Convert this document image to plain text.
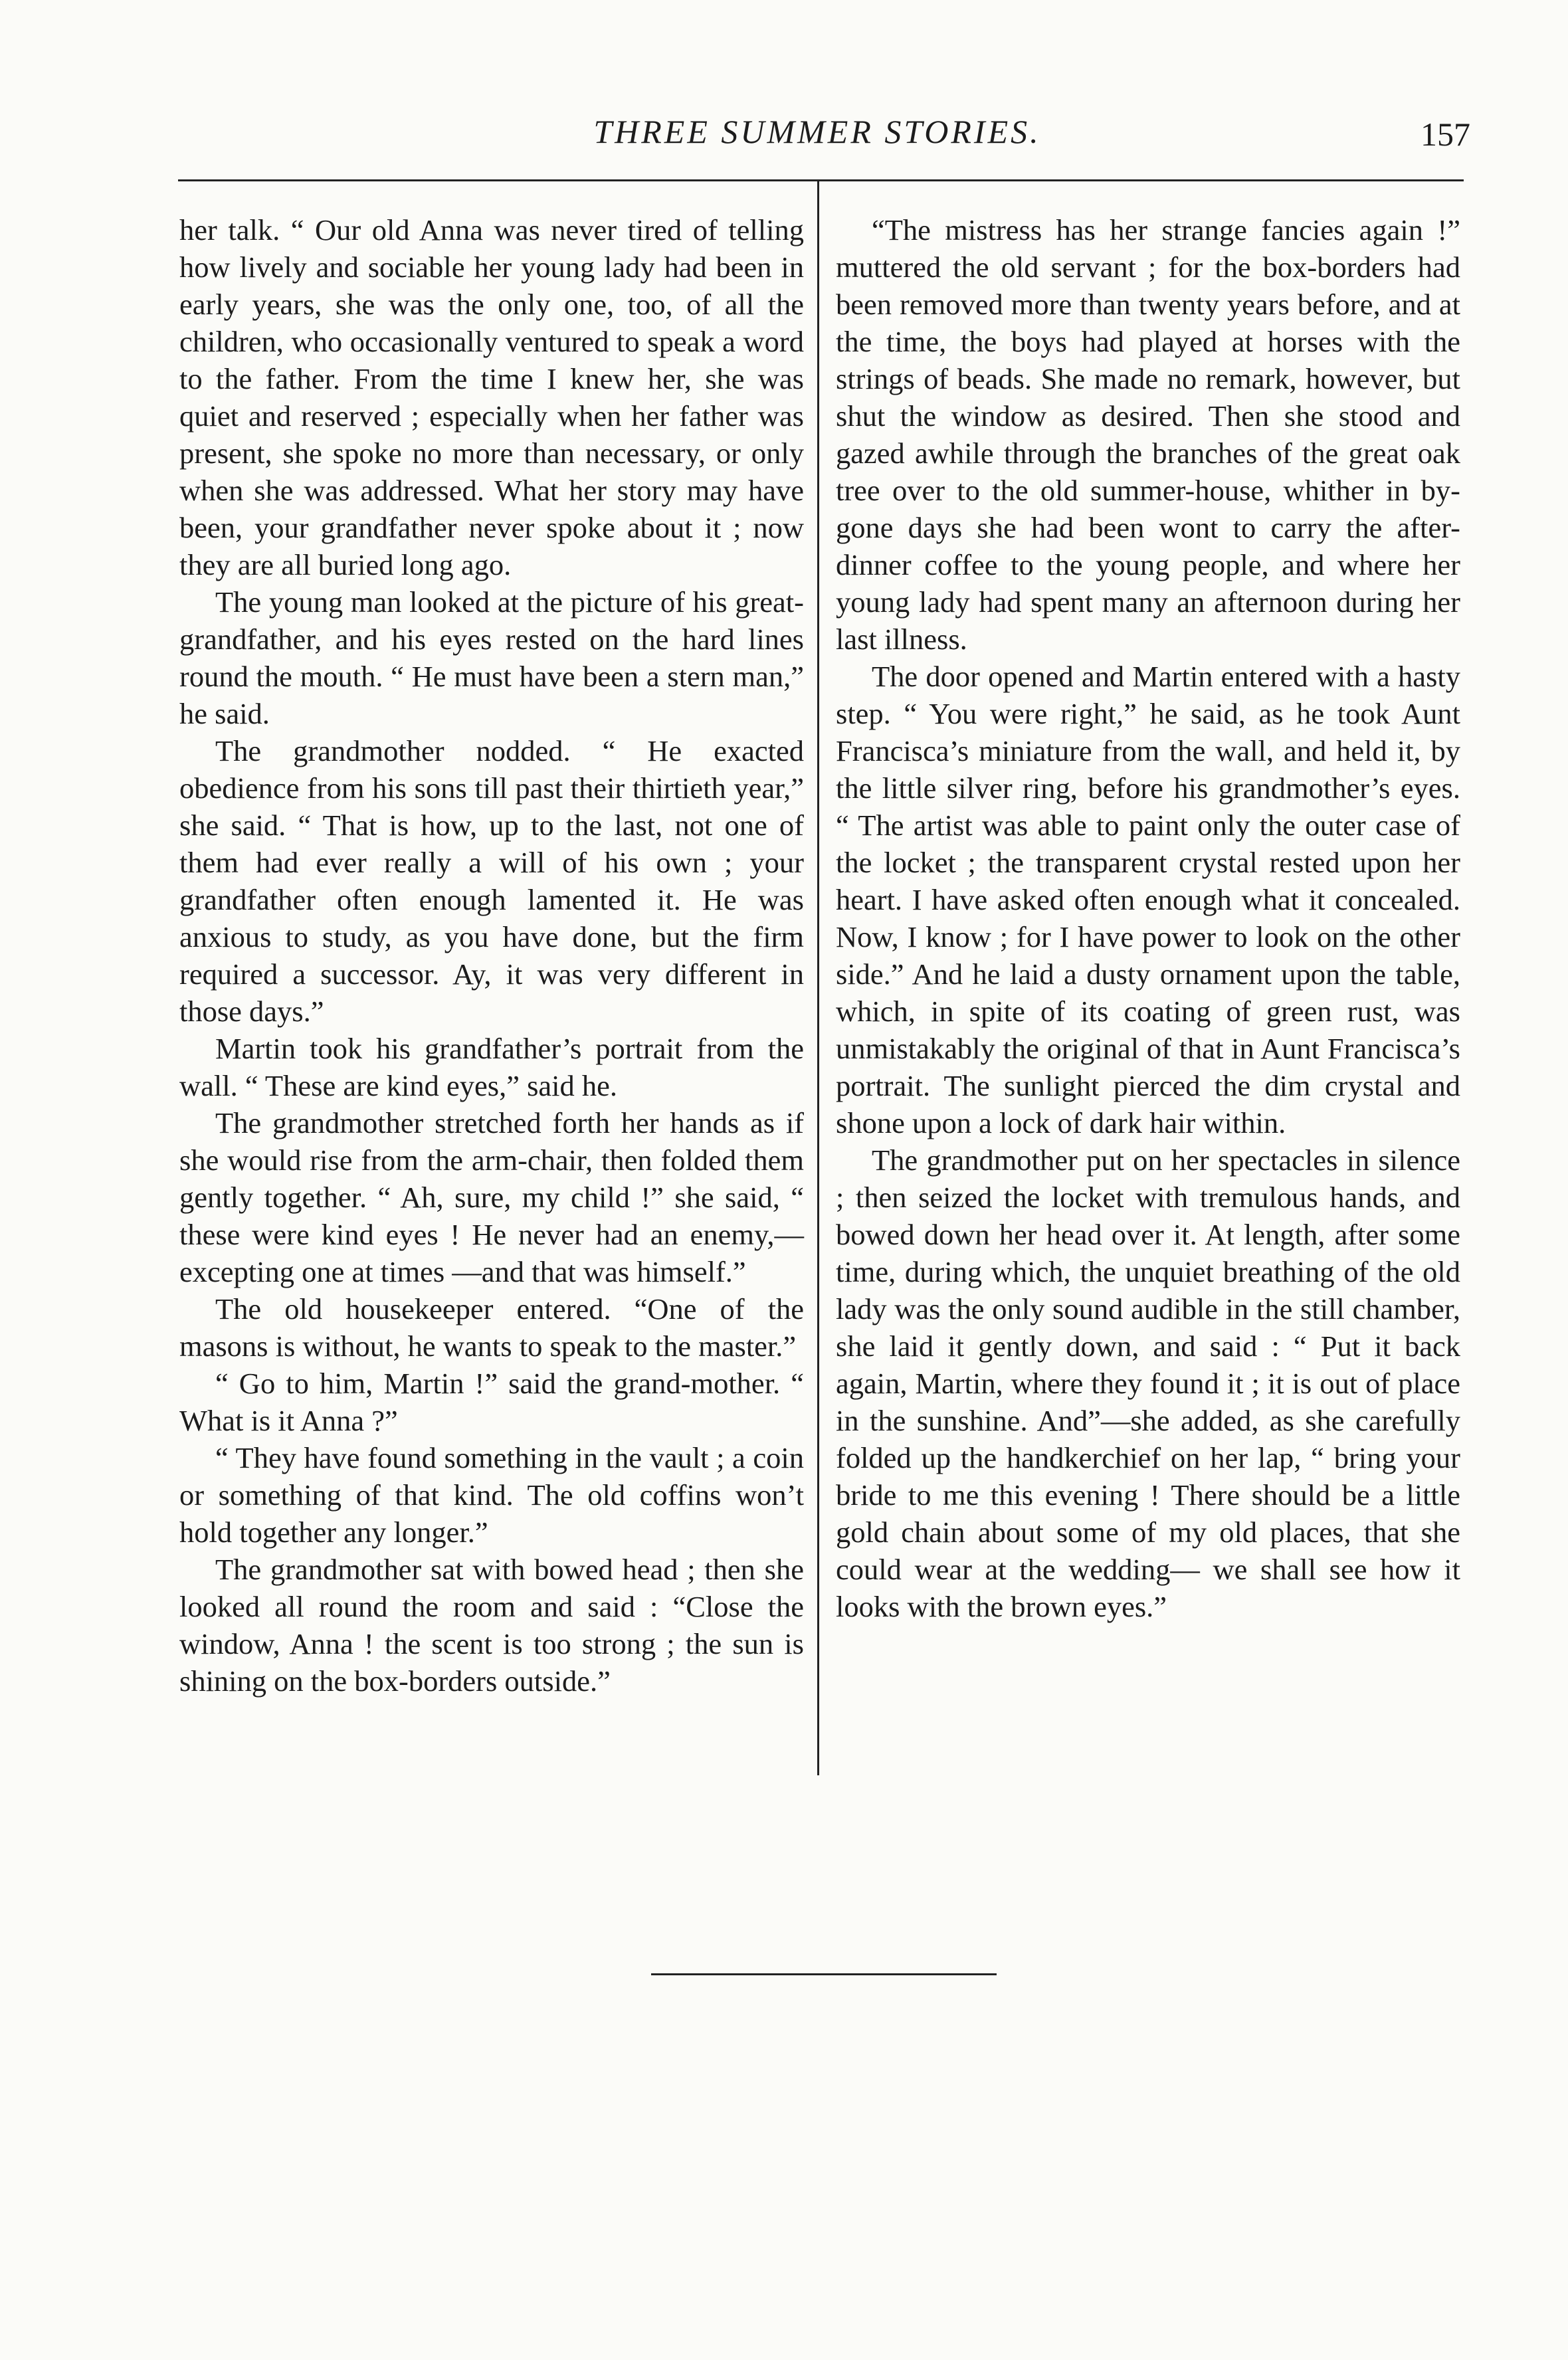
THREE SUMMER STORIES.	157

her talk. “ Our old Anna was never tired of telling how lively and sociable her young lady had been in early years, she was the only one, too, of all the children, who occasionally ventured to speak a word to the father. From the time I knew her, she was quiet and reserved ; especially when her father was present, she spoke no more than necessary, or only when she was addressed. What her story may have been, your grandfather never spoke about it ; now they are all buried long ago.

The young man looked at the picture of his great-grandfather, and his eyes rested on the hard lines round the mouth. “ He must have been a stern man,” he said.

The grandmother nodded. “ He exacted obedience from his sons till past their thirtieth year,” she said. “ That is how, up to the last, not one of them had ever really a will of his own ; your grandfather often enough lamented it. He was anxious to study, as you have done, but the firm required a successor. Ay, it was very different in those days.”

Martin took his grandfather’s portrait from the wall. “ These are kind eyes,” said he.

The grandmother stretched forth her hands as if she would rise from the arm-chair, then folded them gently together. “ Ah, sure, my child !” she said, “ these were kind eyes ! He never had an enemy,—excepting one at times —and that was himself.”

The old housekeeper entered. “One of the masons is without, he wants to speak to the master.”

“ Go to him, Martin !” said the grand-mother. “ What is it Anna ?”

“ They have found something in the vault ; a coin or something of that kind. The old coffins won’t hold together any longer.”

The grandmother sat with bowed head ; then she looked all round the room and said : “Close the window, Anna ! the scent is too strong ; the sun is shining on the box-borders outside.”

“The mistress has her strange fancies again !” muttered the old servant ; for the box-borders had been removed more than twenty years before, and at the time, the boys had played at horses with the strings of beads. She made no remark, however, but shut the window as desired. Then she stood and gazed awhile through the branches of the great oak tree over to the old summer-house, whither in by-gone days she had been wont to carry the after-dinner coffee to the young people, and where her young lady had spent many an afternoon during her last illness.

The door opened and Martin entered with a hasty step. “ You were right,” he said, as he took Aunt Francisca’s miniature from the wall, and held it, by the little silver ring, before his grandmother’s eyes. “ The artist was able to paint only the outer case of the locket ; the transparent crystal rested upon her heart. I have asked often enough what it concealed. Now, I know ; for I have power to look on the other side.” And he laid a dusty ornament upon the table, which, in spite of its coating of green rust, was unmistakably the original of that in Aunt Francisca’s portrait. The sunlight pierced the dim crystal and shone upon a lock of dark hair within.

The grandmother put on her spectacles in silence ; then seized the locket with tremulous hands, and bowed down her head over it. At length, after some time, during which, the unquiet breathing of the old lady was the only sound audible in the still chamber, she laid it gently down, and said : “ Put it back again, Martin, where they found it ; it is out of place in the sunshine. And”—she added, as she carefully folded up the handkerchief on her lap, “ bring your bride to me this evening ! There should be a little gold chain about some of my old places, that she could wear at the wedding— we shall see how it looks with the brown eyes.”
